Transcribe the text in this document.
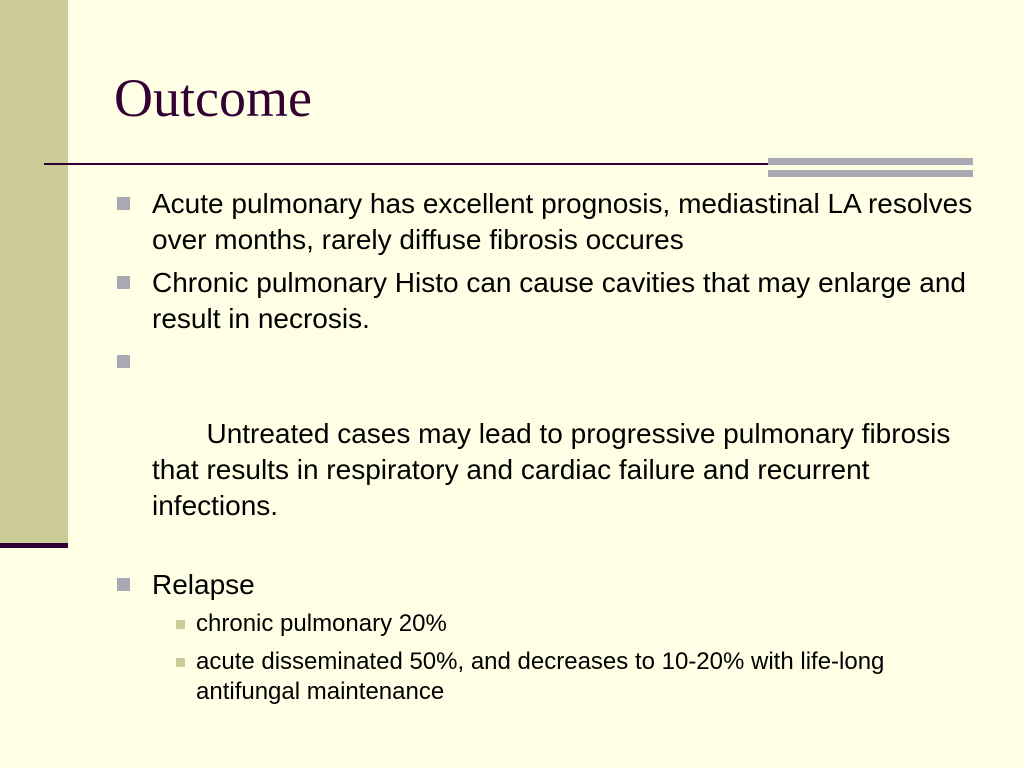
Outcome
Acute pulmonary has excellent prognosis, mediastinal LA resolves over months, rarely diffuse fibrosis occures
Chronic pulmonary Histo can cause cavities that may enlarge and result in necrosis.

Untreated cases may lead to progressive pulmonary fibrosis that results in respiratory and cardiac failure and recurrent infections.

Relapse
chronic pulmonary 20%
acute disseminated 50%, and decreases to 10-20% with life-long antifungal maintenance
